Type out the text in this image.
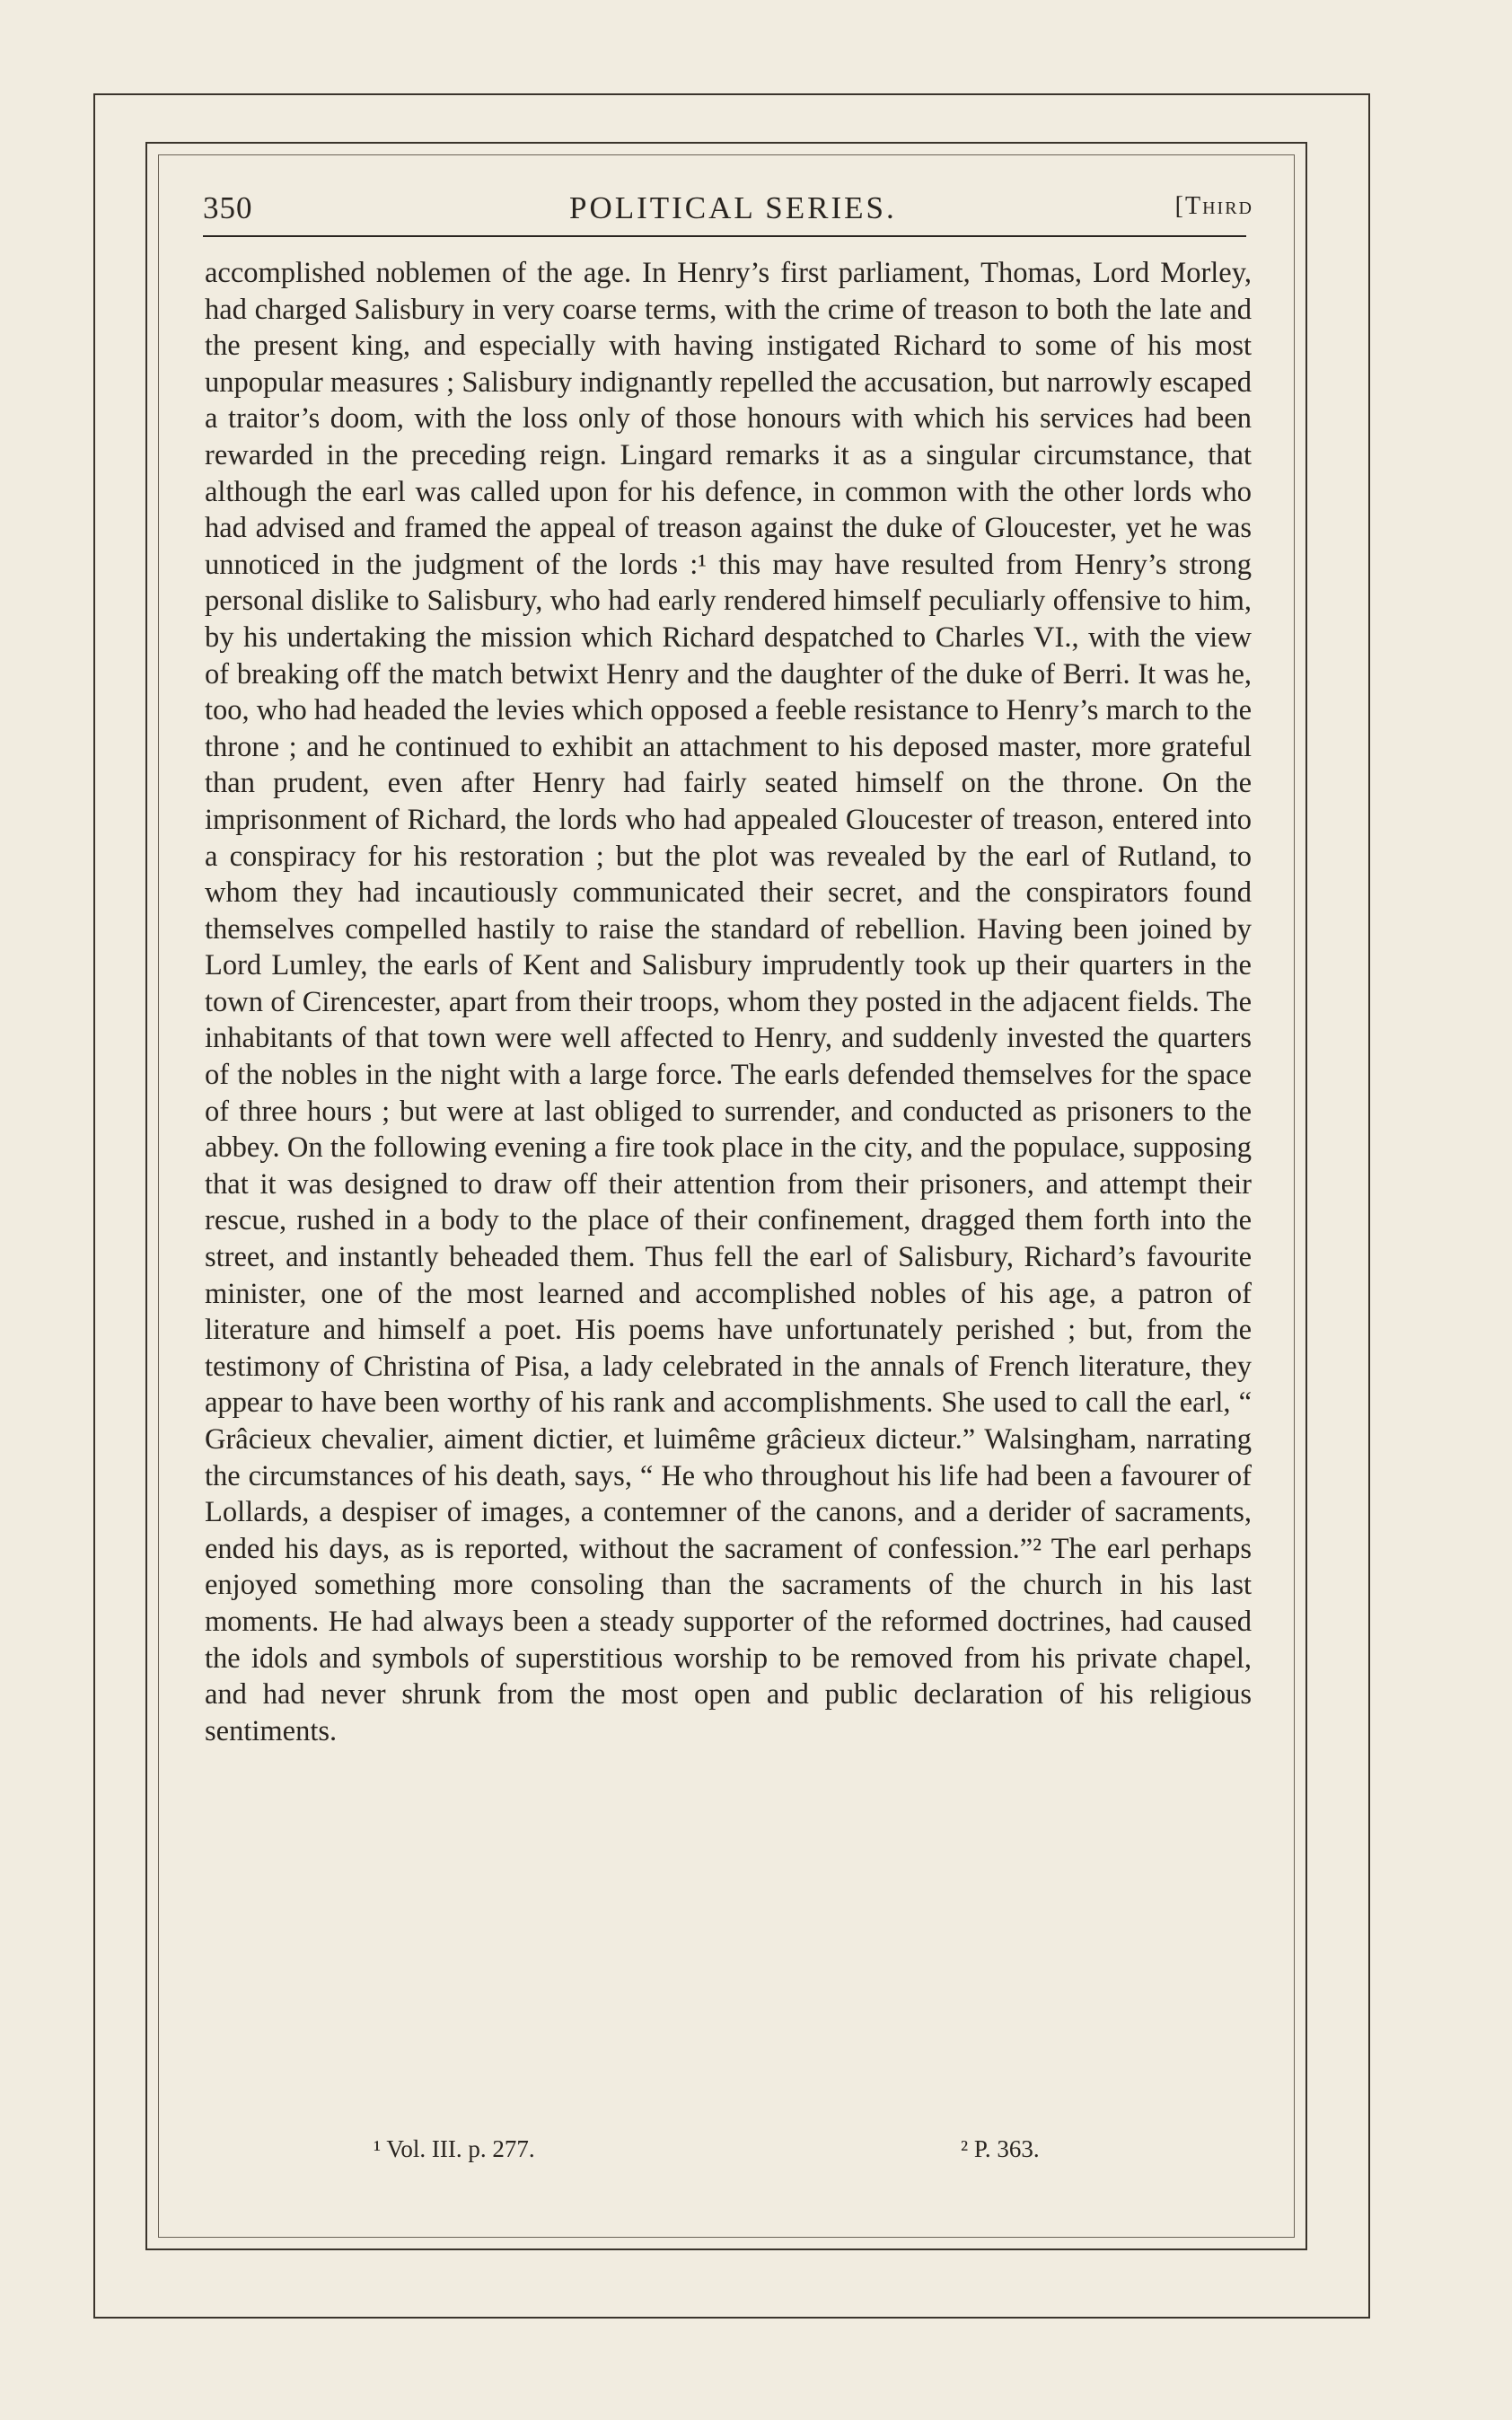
350	POLITICAL SERIES.	[Third

accomplished noblemen of the age. In Henry’s first parliament, Thomas, Lord Morley, had charged Salisbury in very coarse terms, with the crime of treason to both the late and the present king, and especially with having instigated Richard to some of his most unpopular measures ; Salisbury indignantly repelled the accusation, but narrowly escaped a traitor’s doom, with the loss only of those honours with which his services had been rewarded in the preceding reign. Lingard remarks it as a singular circumstance, that although the earl was called upon for his defence, in common with the other lords who had advised and framed the appeal of treason against the duke of Gloucester, yet he was unnoticed in the judgment of the lords :¹ this may have resulted from Henry’s strong personal dislike to Salisbury, who had early rendered himself peculiarly offensive to him, by his undertaking the mission which Richard despatched to Charles VI., with the view of breaking off the match betwixt Henry and the daughter of the duke of Berri. It was he, too, who had headed the levies which opposed a feeble resistance to Henry’s march to the throne ; and he continued to exhibit an attachment to his deposed master, more grateful than prudent, even after Henry had fairly seated himself on the throne. On the imprisonment of Richard, the lords who had appealed Gloucester of treason, entered into a conspiracy for his restoration ; but the plot was revealed by the earl of Rutland, to whom they had incautiously communicated their secret, and the conspirators found themselves compelled hastily to raise the standard of rebellion. Having been joined by Lord Lumley, the earls of Kent and Salisbury imprudently took up their quarters in the town of Cirencester, apart from their troops, whom they posted in the adjacent fields. The inhabitants of that town were well affected to Henry, and suddenly invested the quarters of the nobles in the night with a large force. The earls defended themselves for the space of three hours ; but were at last obliged to surrender, and conducted as prisoners to the abbey. On the following evening a fire took place in the city, and the populace, supposing that it was designed to draw off their attention from their prisoners, and attempt their rescue, rushed in a body to the place of their confinement, dragged them forth into the street, and instantly beheaded them. Thus fell the earl of Salisbury, Richard’s favourite minister, one of the most learned and accomplished nobles of his age, a patron of literature and himself a poet. His poems have unfortunately perished ; but, from the testimony of Christina of Pisa, a lady celebrated in the annals of French literature, they appear to have been worthy of his rank and accomplishments. She used to call the earl, “ Grâcieux chevalier, aiment dictier, et luimême grâcieux dicteur.” Walsingham, narrating the circumstances of his death, says, “ He who throughout his life had been a favourer of Lollards, a despiser of images, a contemner of the canons, and a derider of sacraments, ended his days, as is reported, without the sacrament of confession.”² The earl perhaps enjoyed something more consoling than the sacraments of the church in his last moments. He had always been a steady supporter of the reformed doctrines, had caused the idols and symbols of superstitious worship to be removed from his private chapel, and had never shrunk from the most open and public declaration of his religious sentiments.

¹ Vol. III. p. 277.	² P. 363.
